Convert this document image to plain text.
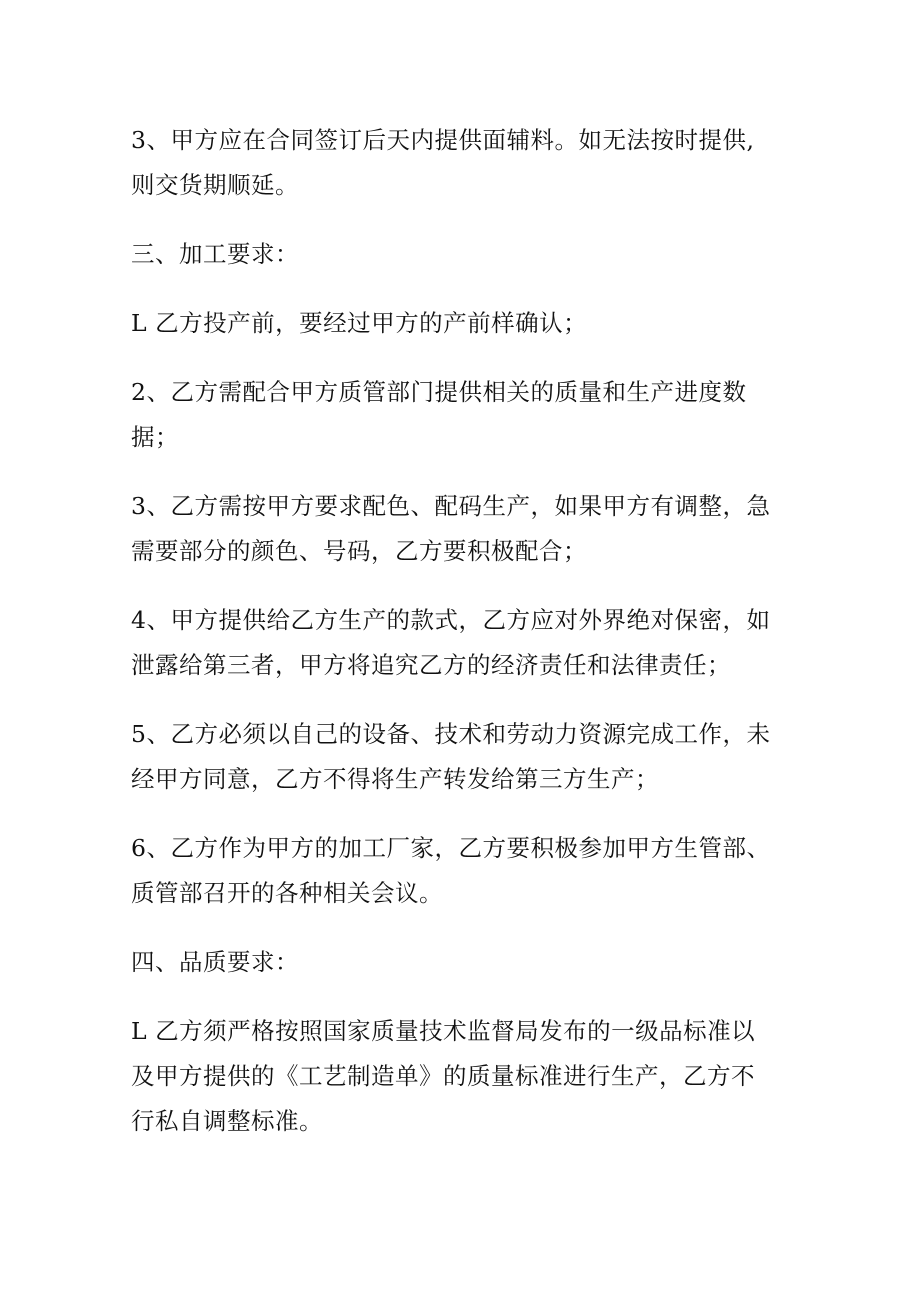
3、甲方应在合同签订后天内提供面辅料。如无法按时提供,
则交货期顺延。

三、加工要求：

L 乙方投产前，要经过甲方的产前样确认；

2、乙方需配合甲方质管部门提供相关的质量和生产进度数
据；

3、乙方需按甲方要求配色、配码生产，如果甲方有调整，急
需要部分的颜色、号码，乙方要积极配合；

4、甲方提供给乙方生产的款式，乙方应对外界绝对保密，如
泄露给第三者，甲方将追究乙方的经济责任和法律责任；

5、乙方必须以自己的设备、技术和劳动力资源完成工作，未
经甲方同意，乙方不得将生产转发给第三方生产；

6、乙方作为甲方的加工厂家，乙方要积极参加甲方生管部、
质管部召开的各种相关会议。

四、品质要求：

L 乙方须严格按照国家质量技术监督局发布的一级品标准以
及甲方提供的《工艺制造单》的质量标准进行生产，乙方不
行私自调整标准。
